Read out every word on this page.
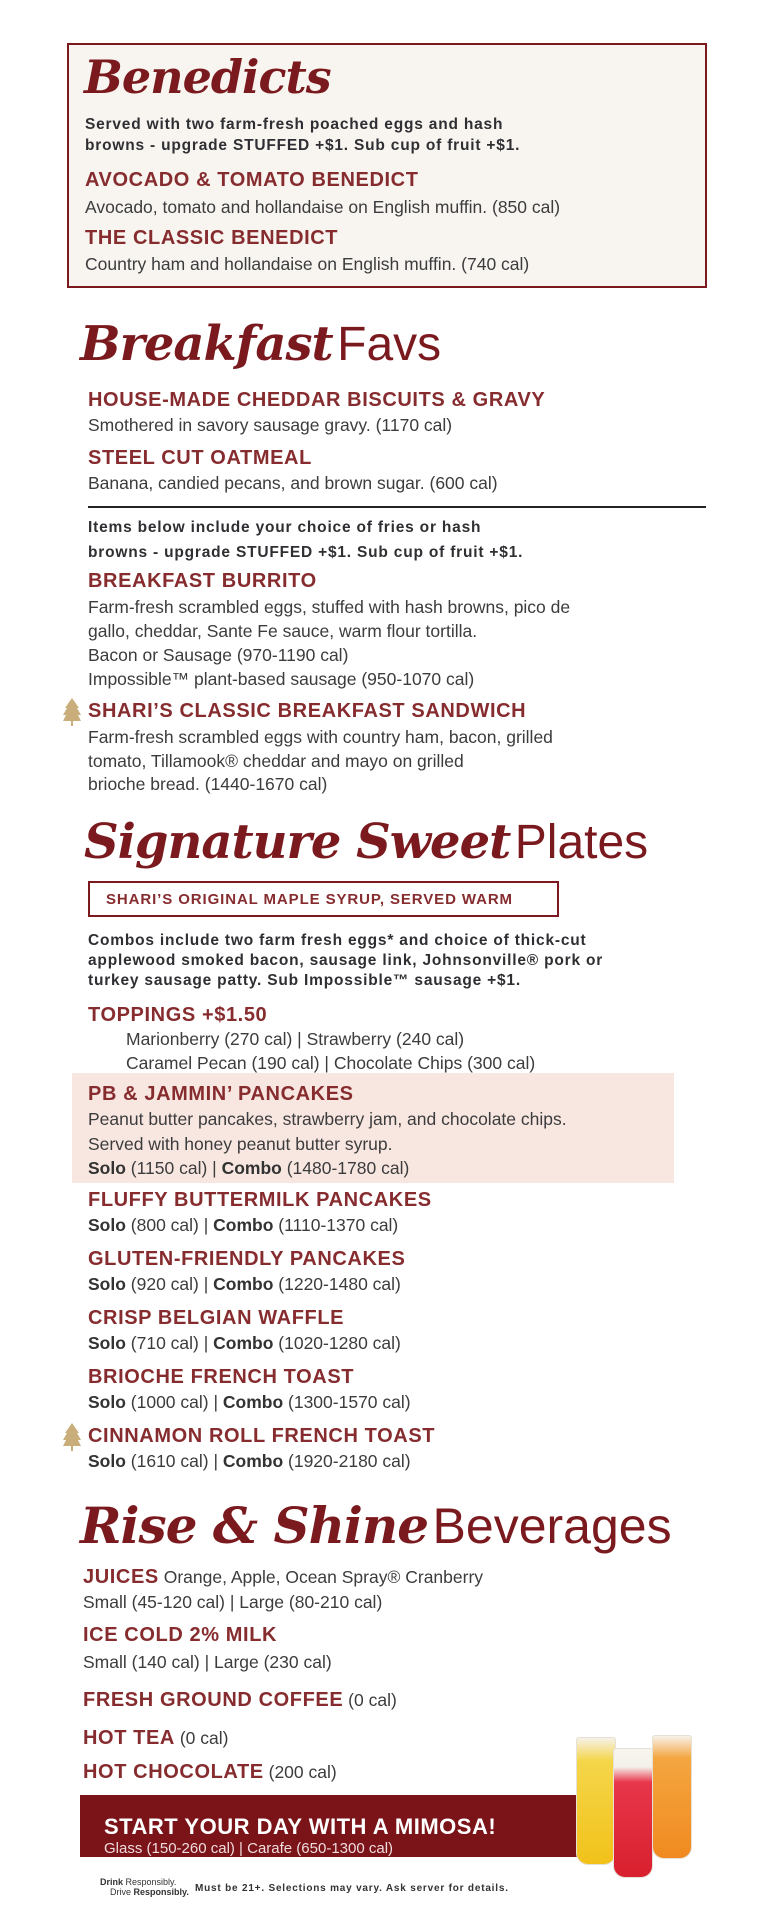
Benedicts
Served with two farm-fresh poached eggs and hash
browns - upgrade STUFFED +$1. Sub cup of fruit +$1.
AVOCADO & TOMATO BENEDICT
Avocado, tomato and hollandaise on English muffin. (850 cal)
THE CLASSIC BENEDICT
Country ham and hollandaise on English muffin. (740 cal)
Breakfast Favs
HOUSE-MADE CHEDDAR BISCUITS & GRAVY
Smothered in savory sausage gravy. (1170 cal)
STEEL CUT OATMEAL
Banana, candied pecans, and brown sugar. (600 cal)
Items below include your choice of fries or hash
browns - upgrade STUFFED +$1. Sub cup of fruit +$1.
BREAKFAST BURRITO
Farm-fresh scrambled eggs, stuffed with hash browns, pico de
gallo, cheddar, Sante Fe sauce, warm flour tortilla.
Bacon or Sausage (970-1190 cal)
Impossible™ plant-based sausage (950-1070 cal)
SHARI’S CLASSIC BREAKFAST SANDWICH
Farm-fresh scrambled eggs with country ham, bacon, grilled
tomato, Tillamook® cheddar and mayo on grilled
brioche bread. (1440-1670 cal)
Signature Sweet Plates
SHARI’S ORIGINAL MAPLE SYRUP, SERVED WARM
Combos include two farm fresh eggs* and choice of thick-cut
applewood smoked bacon, sausage link, Johnsonville® pork or
turkey sausage patty. Sub Impossible™ sausage +$1.
TOPPINGS +$1.50
Marionberry (270 cal) | Strawberry (240 cal)
Caramel Pecan (190 cal) | Chocolate Chips (300 cal)
PB & JAMMIN’ PANCAKES
Peanut butter pancakes, strawberry jam, and chocolate chips.
Served with honey peanut butter syrup.
Solo (1150 cal) | Combo (1480-1780 cal)
FLUFFY BUTTERMILK PANCAKES
Solo (800 cal) | Combo (1110-1370 cal)
GLUTEN-FRIENDLY PANCAKES
Solo (920 cal) | Combo (1220-1480 cal)
CRISP BELGIAN WAFFLE
Solo (710 cal) | Combo (1020-1280 cal)
BRIOCHE FRENCH TOAST
Solo (1000 cal) | Combo (1300-1570 cal)
CINNAMON ROLL FRENCH TOAST
Solo (1610 cal) | Combo (1920-2180 cal)
Rise & Shine Beverages
JUICES Orange, Apple, Ocean Spray® Cranberry
Small (45-120 cal) | Large (80-210 cal)
ICE COLD 2% MILK
Small (140 cal) | Large (230 cal)
FRESH GROUND COFFEE (0 cal)
HOT TEA (0 cal)
HOT CHOCOLATE (200 cal)
START YOUR DAY WITH A MIMOSA!
Glass (150-260 cal) | Carafe (650-1300 cal)
Drink Responsibly.
Drive Responsibly. Must be 21+. Selections may vary. Ask server for details.
